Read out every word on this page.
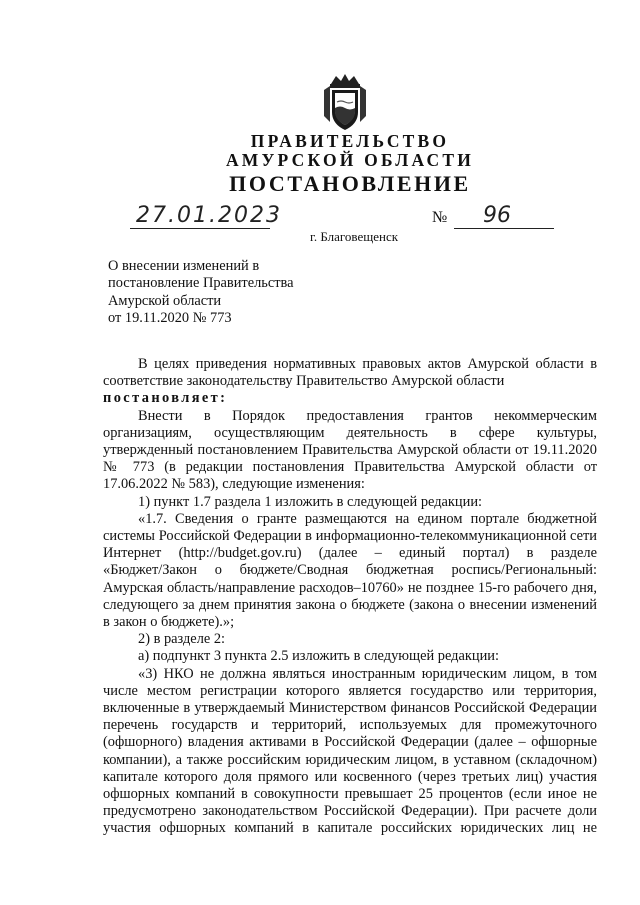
ПРАВИТЕЛЬСТВО
АМУРСКОЙ ОБЛАСТИ
ПОСТАНОВЛЕНИЕ
27.01.2023	№ 96
г. Благовещенск
О внесении изменений в
постановление Правительства
Амурской области
от 19.11.2020 № 773
В целях приведения нормативных правовых актов Амурской области в
соответствие законодательству Правительство Амурской области
постановляет:
Внести в Порядок предоставления грантов некоммерческим
организациям, осуществляющим деятельность в сфере культуры,
утвержденный постановлением Правительства Амурской области от 19.11.2020
№ 773 (в редакции постановления Правительства Амурской области от
17.06.2022 № 583), следующие изменения:
1) пункт 1.7 раздела 1 изложить в следующей редакции:
«1.7. Сведения о гранте размещаются на едином портале бюджетной
системы Российской Федерации в информационно-телекоммуникационной сети
Интернет (http://budget.gov.ru) (далее – единый портал) в разделе
«Бюджет/Закон о бюджете/Сводная бюджетная роспись/Региональный:
Амурская область/направление расходов–10760» не позднее 15-го рабочего дня,
следующего за днем принятия закона о бюджете (закона о внесении изменений
в закон о бюджете).»;
2) в разделе 2:
а) подпункт 3 пункта 2.5 изложить в следующей редакции:
«3) НКО не должна являться иностранным юридическим лицом, в том
числе местом регистрации которого является государство или территория,
включенные в утверждаемый Министерством финансов Российской Федерации
перечень государств и территорий, используемых для промежуточного
(офшорного) владения активами в Российской Федерации (далее – офшорные
компании), а также российским юридическим лицом, в уставном (складочном)
капитале которого доля прямого или косвенного (через третьих лиц) участия
офшорных компаний в совокупности превышает 25 процентов (если иное не
предусмотрено законодательством Российской Федерации). При расчете доли
участия офшорных компаний в капитале российских юридических лиц не
